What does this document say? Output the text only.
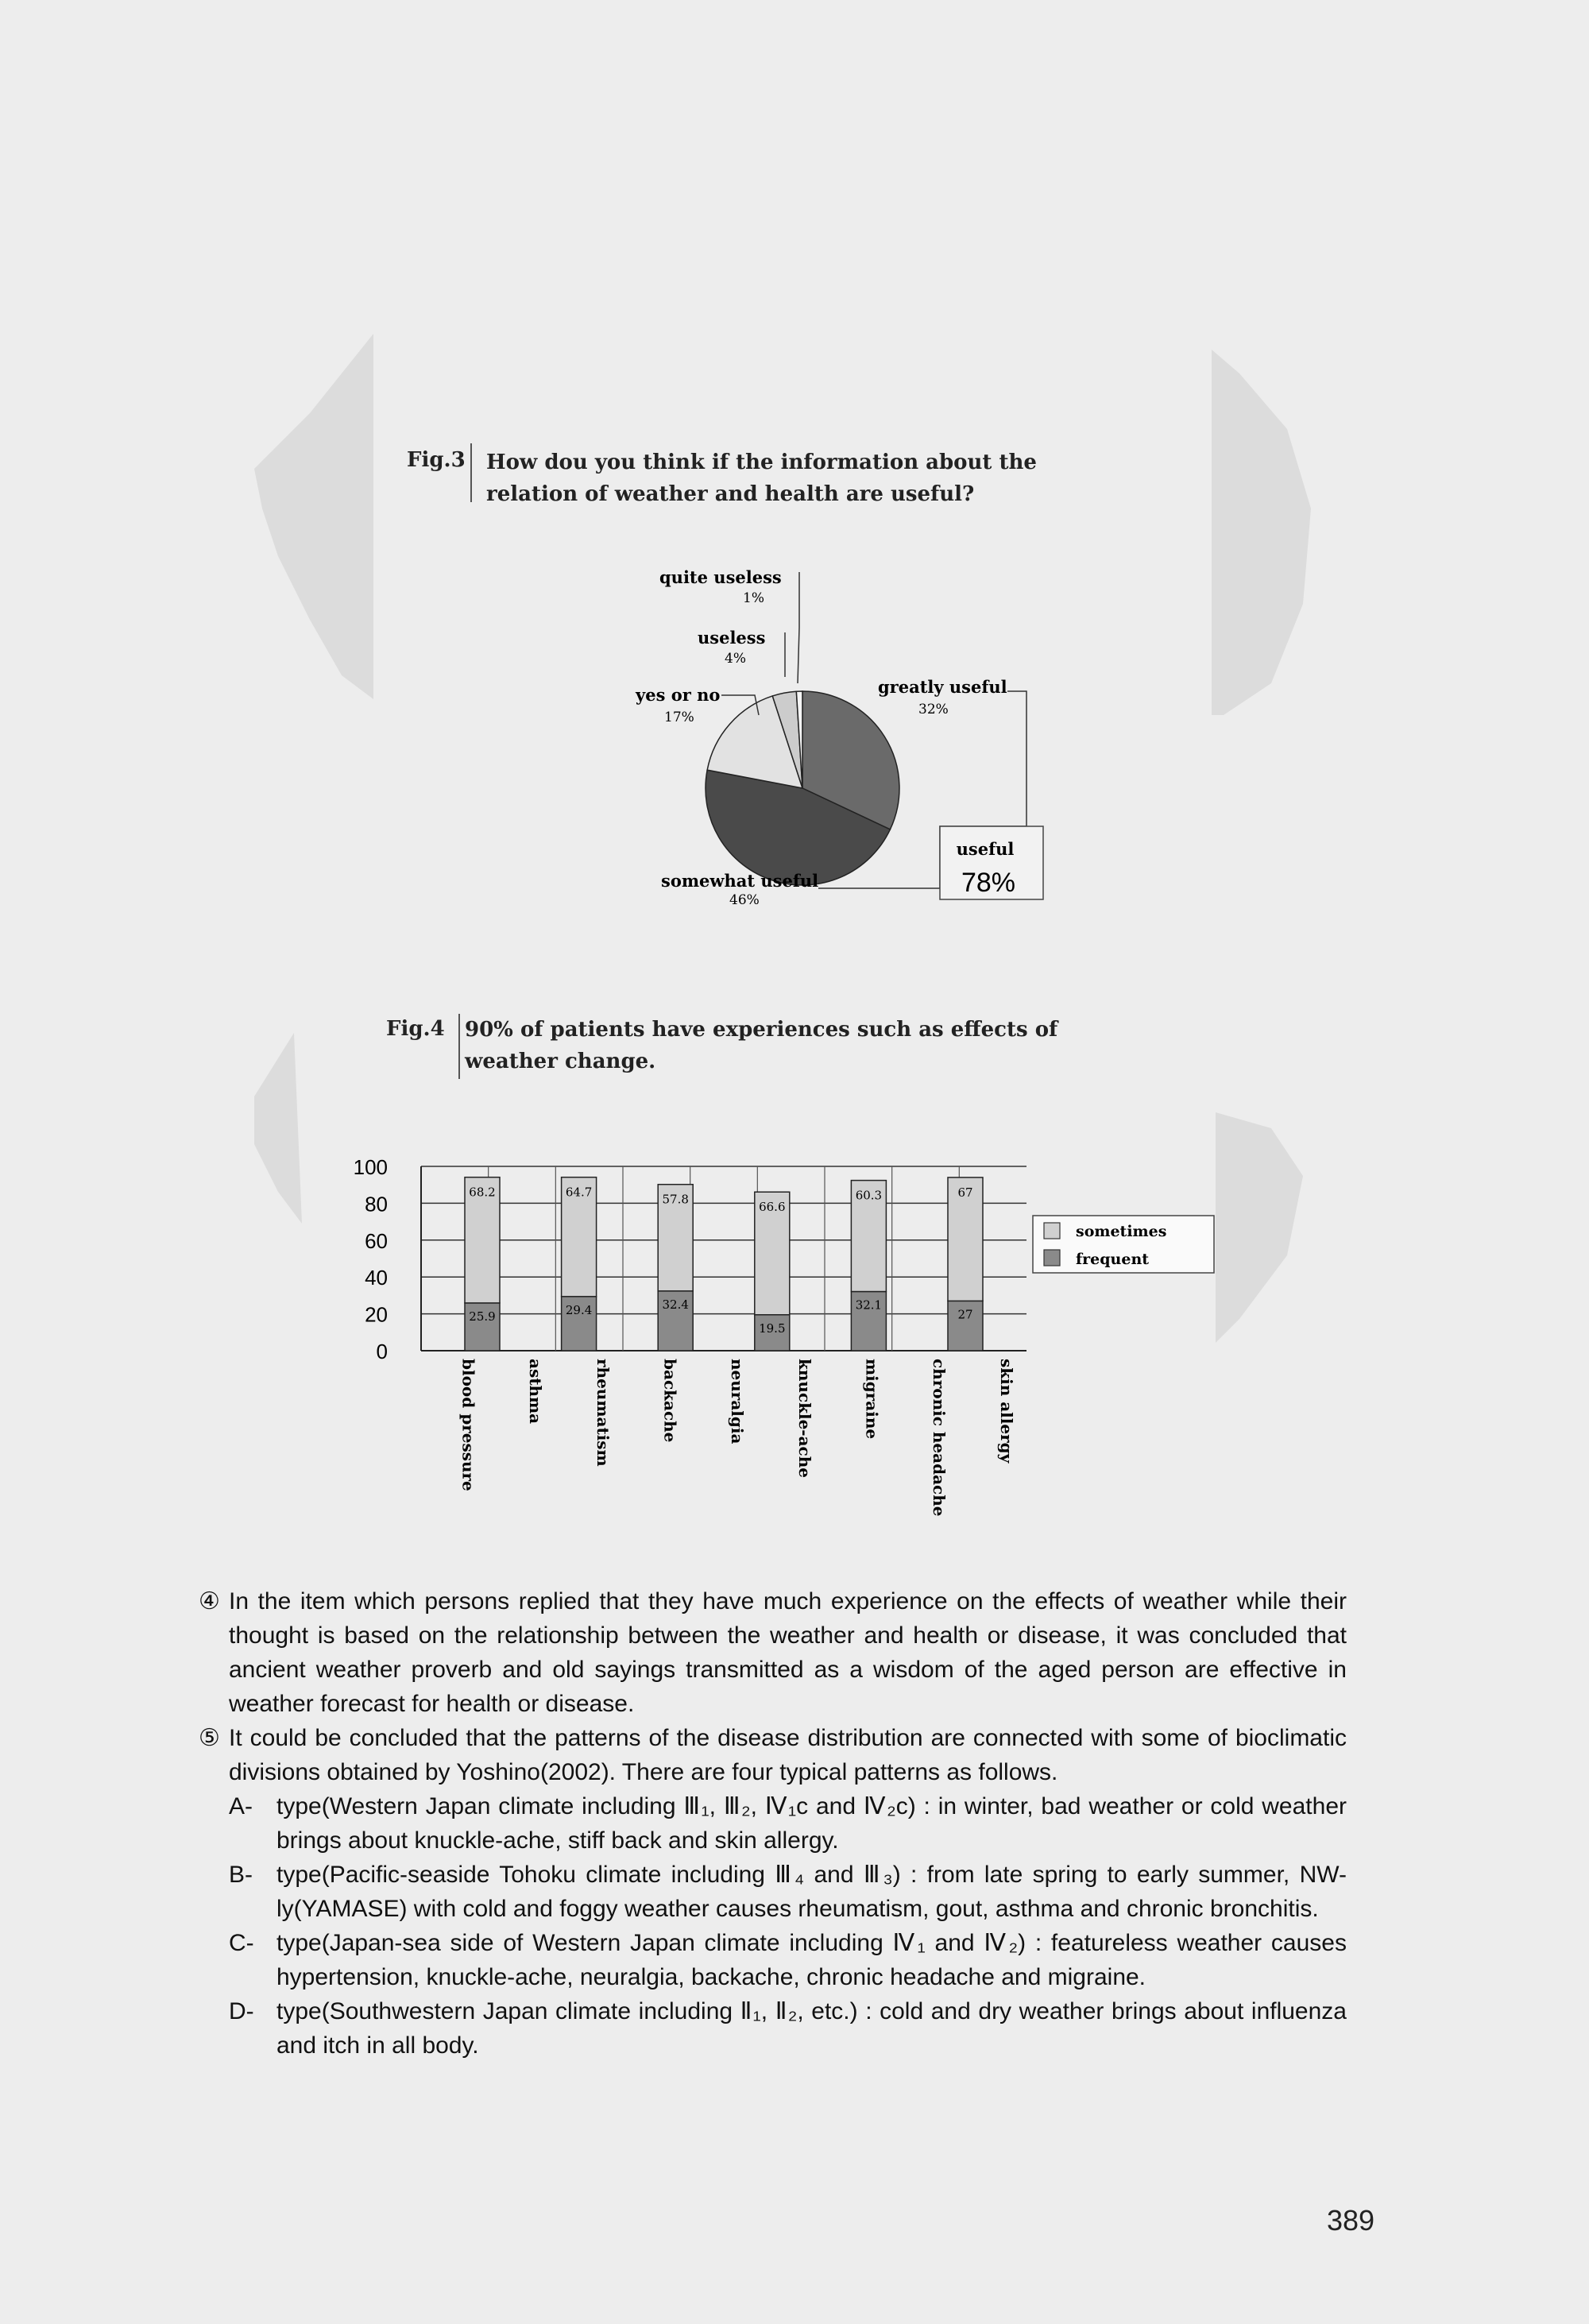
Fig.3 How dou you think if the information about the
relation of weather and health are useful?
quite useless
1%
useless
4%
yes or no
17%
greatly useful
32%
somewhat useful
46%
useful
78%
Fig.4 90% of patients have experiences such as effects of
weather change.
68.2
25.9
64.7
29.4
57.8
32.4
66.6
19.5
60.3
32.1
67
27
100
80
60
40
20
0
blood pressure	asthma	rheumatism	backache	neuralgia	knuckle-ache	migraine	chronic headache	skin allergy
sometimes
frequent

④ In the item which persons replied that they have much experience on the effects of weather while their thought is based on the relationship between the weather and health or disease, it was concluded that ancient weather proverb and old sayings transmitted as a wisdom of the aged person are effective in weather forecast for health or disease.

⑤ It could be concluded that the patterns of the disease distribution are connected with some of bioclimatic divisions obtained by Yoshino(2002). There are four typical patterns as follows.

A- type(Western Japan climate including Ⅲ₁, Ⅲ₂, Ⅳ₁c and Ⅳ₂c) : in winter, bad weather or cold weather brings about knuckle-ache, stiff back and skin allergy.

B- type(Pacific-seaside Tohoku climate including Ⅲ₄ and Ⅲ₃) : from late spring to early summer, NW-ly(YAMASE) with cold and foggy weather causes rheumatism, gout, asthma and chronic bronchitis.

C- type(Japan-sea side of Western Japan climate including Ⅳ₁ and Ⅳ₂) : featureless weather causes hypertension, knuckle-ache, neuralgia, backache, chronic headache and migraine.

D- type(Southwestern Japan climate including Ⅱ₁, Ⅱ₂, etc.) : cold and dry weather brings about influenza and itch in all body.

389
